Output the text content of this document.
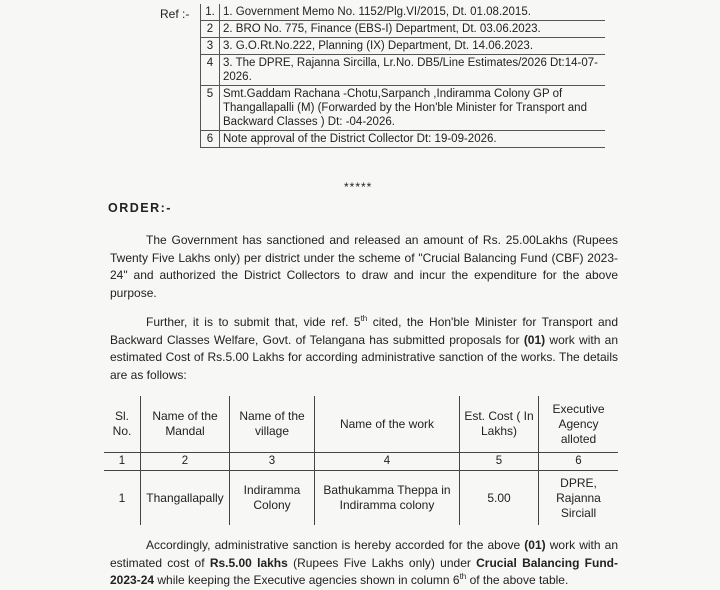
Ref :- 1.	1. Government Memo No. 1152/Plg.VI/2015, Dt. 01.08.2015.
2	2. BRO No. 775, Finance (EBS-I) Department, Dt. 03.06.2023.
3	3. G.O.Rt.No.222, Planning (IX) Department, Dt. 14.06.2023.
4	3. The DPRE, Rajanna Sircilla, Lr.No. DB5/Line Estimates/2026 Dt:14-07-2026.
5	Smt.Gaddam Rachana -Chotu,Sarpanch ,Indiramma Colony GP of Thangallapalli (M) (Forwarded by the Hon'ble Minister for Transport and Backward Classes ) Dt: -04-2026.
6	Note approval of the District Collector Dt: 19-09-2026.
*****
ORDER:-

The Government has sanctioned and released an amount of Rs. 25.00Lakhs (Rupees Twenty Five Lakhs only) per district under the scheme of "Crucial Balancing Fund (CBF) 2023-24" and authorized the District Collectors to draw and incur the expenditure for the above purpose.

Further, it is to submit that, vide ref. 5th cited, the Hon'ble Minister for Transport and Backward Classes Welfare, Govt. of Telangana has submitted proposals for (01) work with an estimated Cost of Rs.5.00 Lakhs for according administrative sanction of the works. The details are as follows:

Sl. No.	Name of the Mandal	Name of the village	Name of the work	Est. Cost ( In Lakhs)	Executive Agency alloted
1	2	3	4	5	6
1	Thangallapally	Indiramma Colony	Bathukamma Theppa in Indiramma colony	5.00	DPRE, Rajanna Sirciall

Accordingly, administrative sanction is hereby accorded for the above (01) work with an estimated cost of Rs.5.00 lakhs (Rupees Five Lakhs only) under Crucial Balancing Fund- 2023-24 while keeping the Executive agencies shown in column 6th of the above table.
